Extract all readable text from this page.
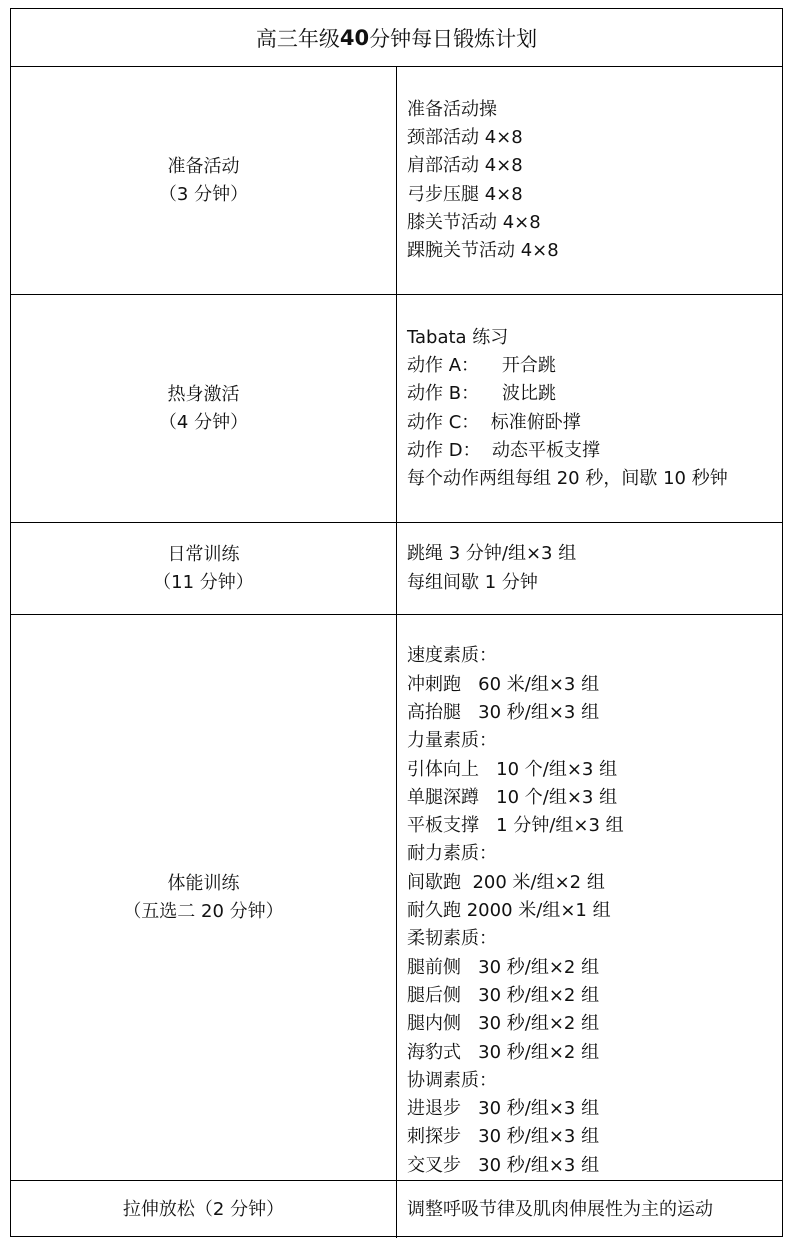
高三年级 40 分钟每日锻炼计划
准备活动
（3 分钟）
准备活动操
颈部活动 4×8
肩部活动 4×8
弓步压腿 4×8
膝关节活动 4×8
踝腕关节活动 4×8
热身激活
（4 分钟）
Tabata 练习
动作 A：    开合跳
动作 B：    波比跳
动作 C：  标准俯卧撑
动作 D：  动态平板支撑
每个动作两组每组 20 秒，间歇 10 秒钟
日常训练
（11 分钟）
跳绳 3 分钟/组×3 组
每组间歇 1 分钟
体能训练
（五选二 20 分钟）
速度素质：
冲刺跑   60 米/组×3 组
高抬腿   30 秒/组×3 组
力量素质：
引体向上   10 个/组×3 组
单腿深蹲   10 个/组×3 组
平板支撑   1 分钟/组×3 组
耐力素质：
间歇跑  200 米/组×2 组
耐久跑 2000 米/组×1 组
柔韧素质：
腿前侧   30 秒/组×2 组
腿后侧   30 秒/组×2 组
腿内侧   30 秒/组×2 组
海豹式   30 秒/组×2 组
协调素质：
进退步   30 秒/组×3 组
刺探步   30 秒/组×3 组
交叉步   30 秒/组×3 组
拉伸放松（2 分钟）	调整呼吸节律及肌肉伸展性为主的运动
